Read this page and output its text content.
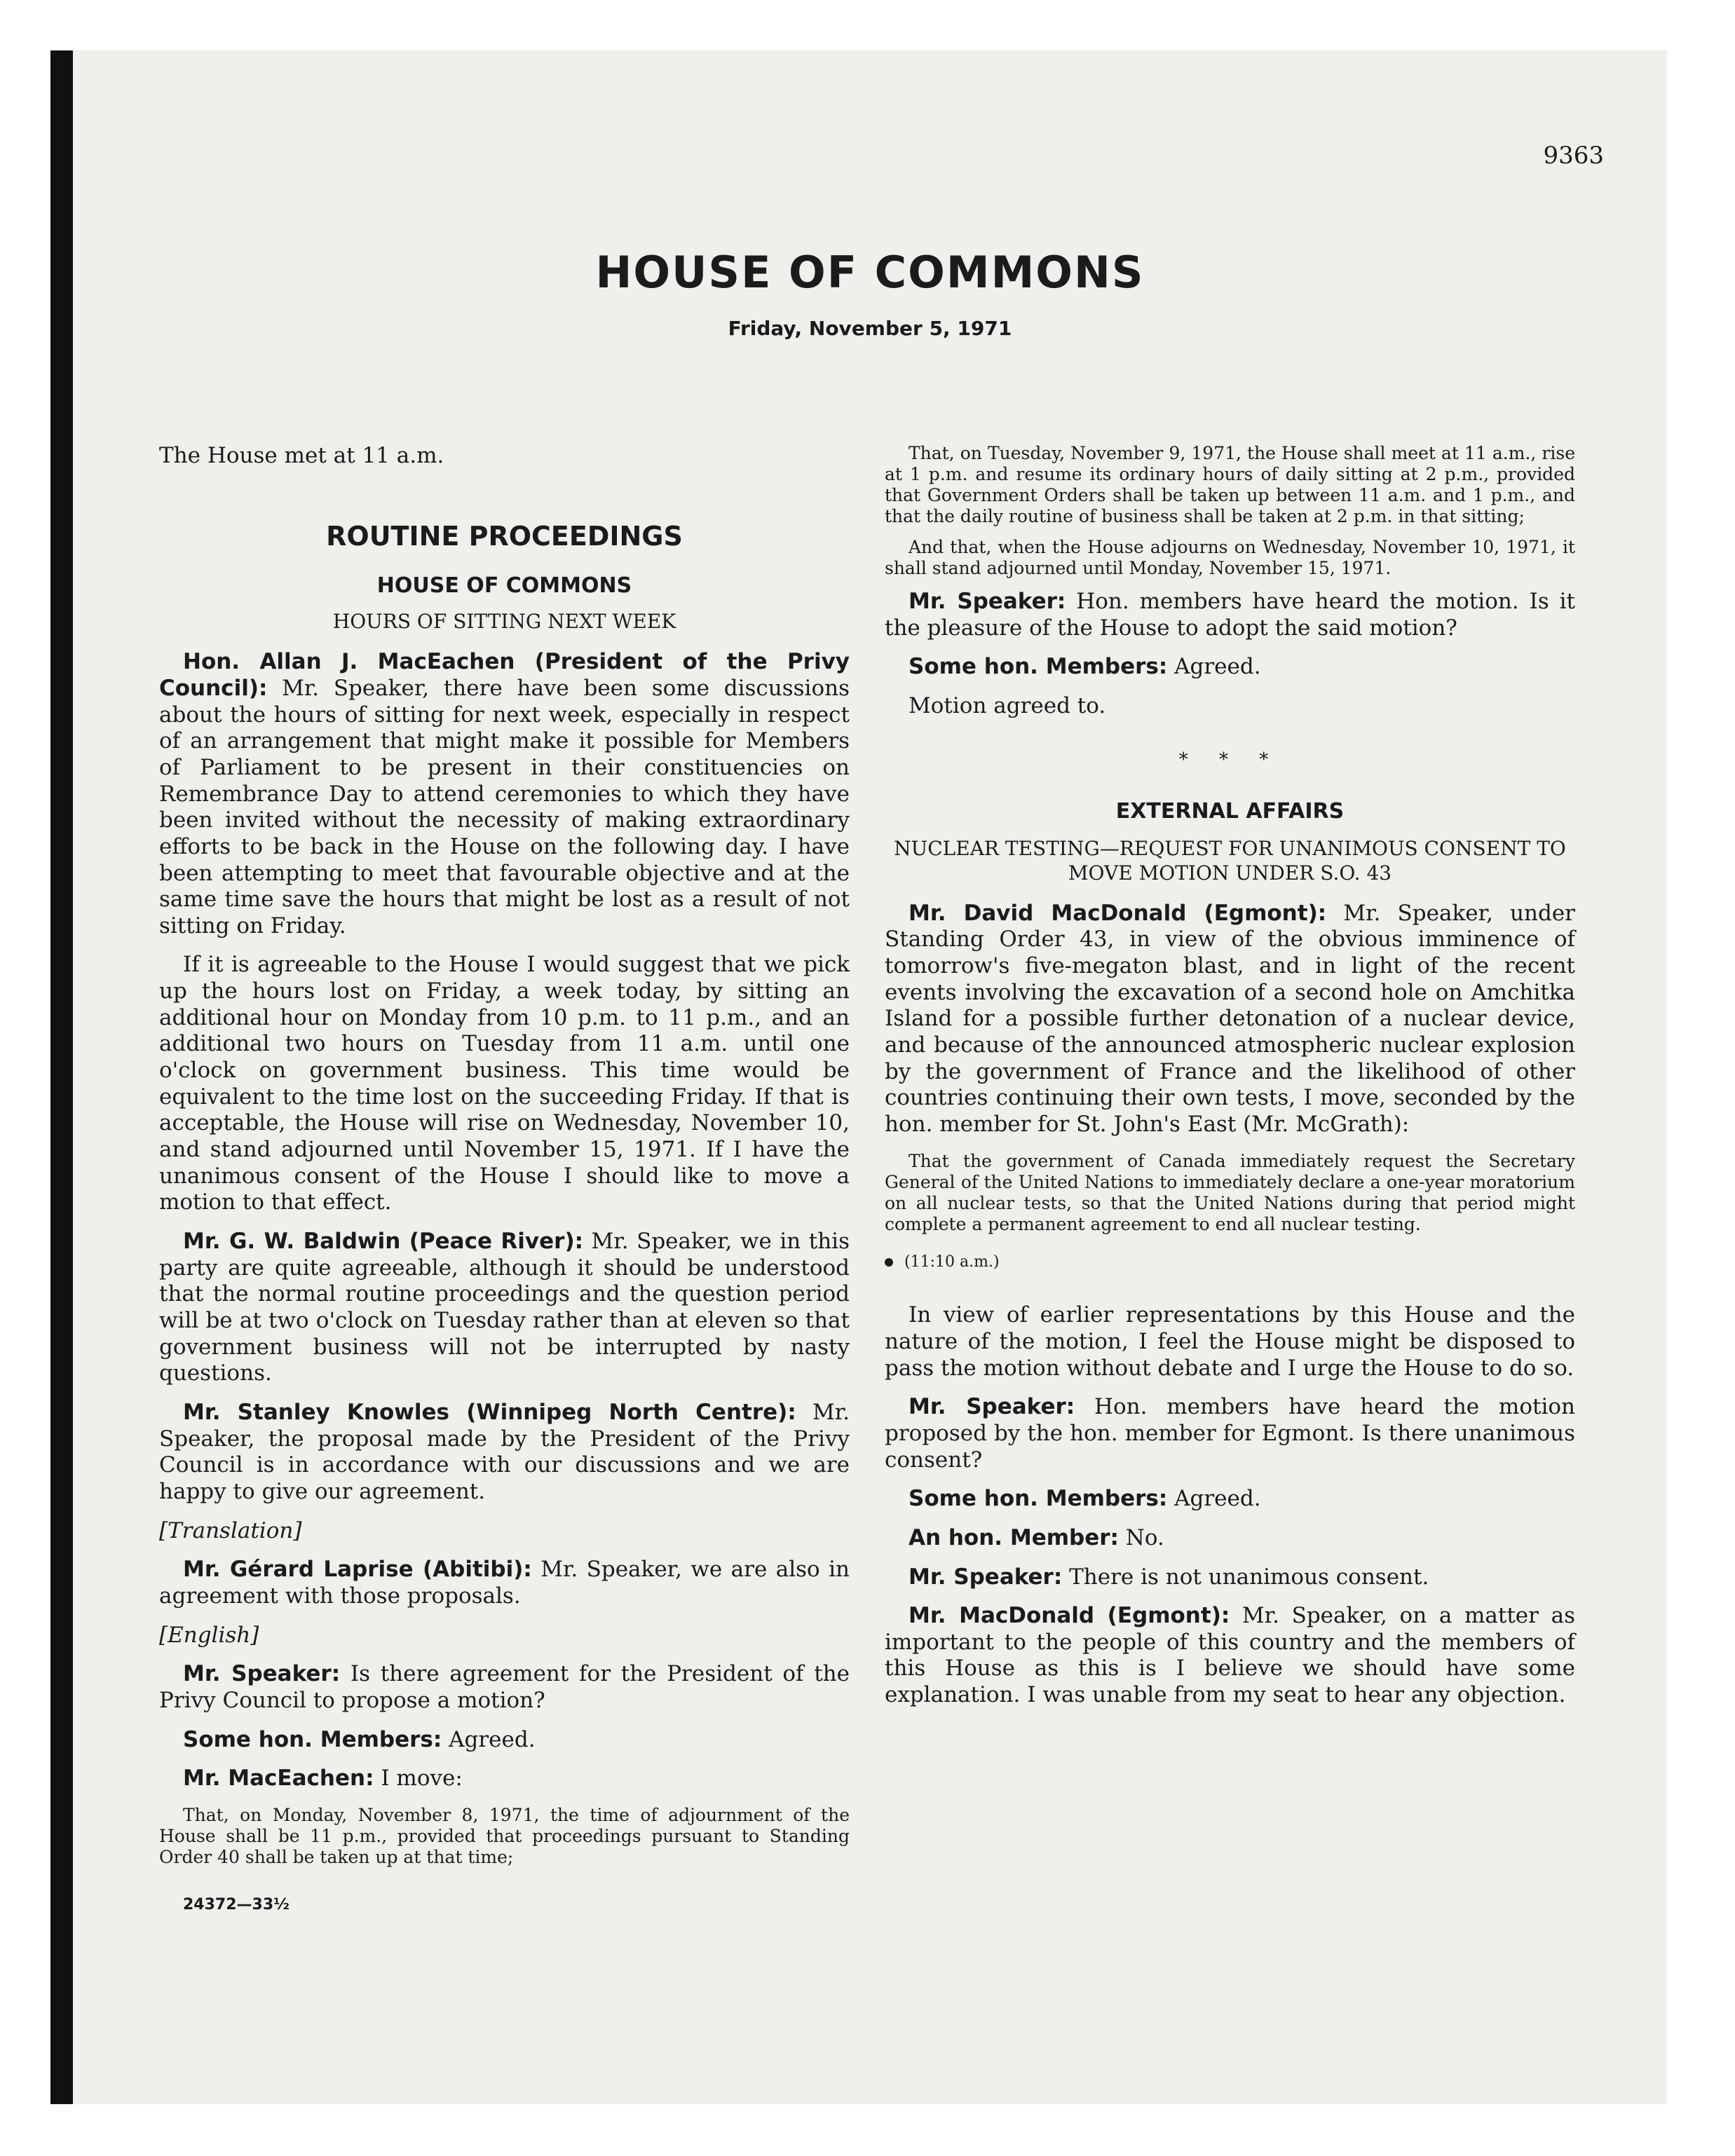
9363
HOUSE OF COMMONS
Friday, November 5, 1971

The House met at 11 a.m.

ROUTINE PROCEEDINGS
HOUSE OF COMMONS
HOURS OF SITTING NEXT WEEK

Hon. Allan J. MacEachen (President of the Privy Council): Mr. Speaker, there have been some discussions about the hours of sitting for next week, especially in respect of an arrangement that might make it possible for Members of Parliament to be present in their constituencies on Remembrance Day to attend ceremonies to which they have been invited without the necessity of making extraordinary efforts to be back in the House on the following day. I have been attempting to meet that favourable objective and at the same time save the hours that might be lost as a result of not sitting on Friday.

If it is agreeable to the House I would suggest that we pick up the hours lost on Friday, a week today, by sitting an additional hour on Monday from 10 p.m. to 11 p.m., and an additional two hours on Tuesday from 11 a.m. until one o'clock on government business. This time would be equivalent to the time lost on the succeeding Friday. If that is acceptable, the House will rise on Wednesday, November 10, and stand adjourned until November 15, 1971. If I have the unanimous consent of the House I should like to move a motion to that effect.

Mr. G. W. Baldwin (Peace River): Mr. Speaker, we in this party are quite agreeable, although it should be understood that the normal routine proceedings and the question period will be at two o'clock on Tuesday rather than at eleven so that government business will not be interrupted by nasty questions.

Mr. Stanley Knowles (Winnipeg North Centre): Mr. Speaker, the proposal made by the President of the Privy Council is in accordance with our discussions and we are happy to give our agreement.

[Translation]

Mr. Gérard Laprise (Abitibi): Mr. Speaker, we are also in agreement with those proposals.

[English]

Mr. Speaker: Is there agreement for the President of the Privy Council to propose a motion?

Some hon. Members: Agreed.

Mr. MacEachen: I move:

That, on Monday, November 8, 1971, the time of adjournment of the House shall be 11 p.m., provided that proceedings pursuant to Standing Order 40 shall be taken up at that time;
24372—33½
That, on Tuesday, November 9, 1971, the House shall meet at 11 a.m., rise at 1 p.m. and resume its ordinary hours of daily sitting at 2 p.m., provided that Government Orders shall be taken up between 11 a.m. and 1 p.m., and that the daily routine of business shall be taken at 2 p.m. in that sitting;
And that, when the House adjourns on Wednesday, November 10, 1971, it shall stand adjourned until Monday, November 15, 1971.

Mr. Speaker: Hon. members have heard the motion. Is it the pleasure of the House to adopt the said motion?

Some hon. Members: Agreed.

Motion agreed to.

* * *
EXTERNAL AFFAIRS
NUCLEAR TESTING—REQUEST FOR UNANIMOUS CONSENT TO MOVE MOTION UNDER S.O. 43

Mr. David MacDonald (Egmont): Mr. Speaker, under Standing Order 43, in view of the obvious imminence of tomorrow's five-megaton blast, and in light of the recent events involving the excavation of a second hole on Amchitka Island for a possible further detonation of a nuclear device, and because of the announced atmospheric nuclear explosion by the government of France and the likelihood of other countries continuing their own tests, I move, seconded by the hon. member for St. John's East (Mr. McGrath):

That the government of Canada immediately request the Secretary General of the United Nations to immediately declare a one-year moratorium on all nuclear tests, so that the United Nations during that period might complete a permanent agreement to end all nuclear testing.

(11:10 a.m.)

In view of earlier representations by this House and the nature of the motion, I feel the House might be disposed to pass the motion without debate and I urge the House to do so.

Mr. Speaker: Hon. members have heard the motion proposed by the hon. member for Egmont. Is there unanimous consent?

Some hon. Members: Agreed.

An hon. Member: No.

Mr. Speaker: There is not unanimous consent.

Mr. MacDonald (Egmont): Mr. Speaker, on a matter as important to the people of this country and the members of this House as this is I believe we should have some explanation. I was unable from my seat to hear any objection.
